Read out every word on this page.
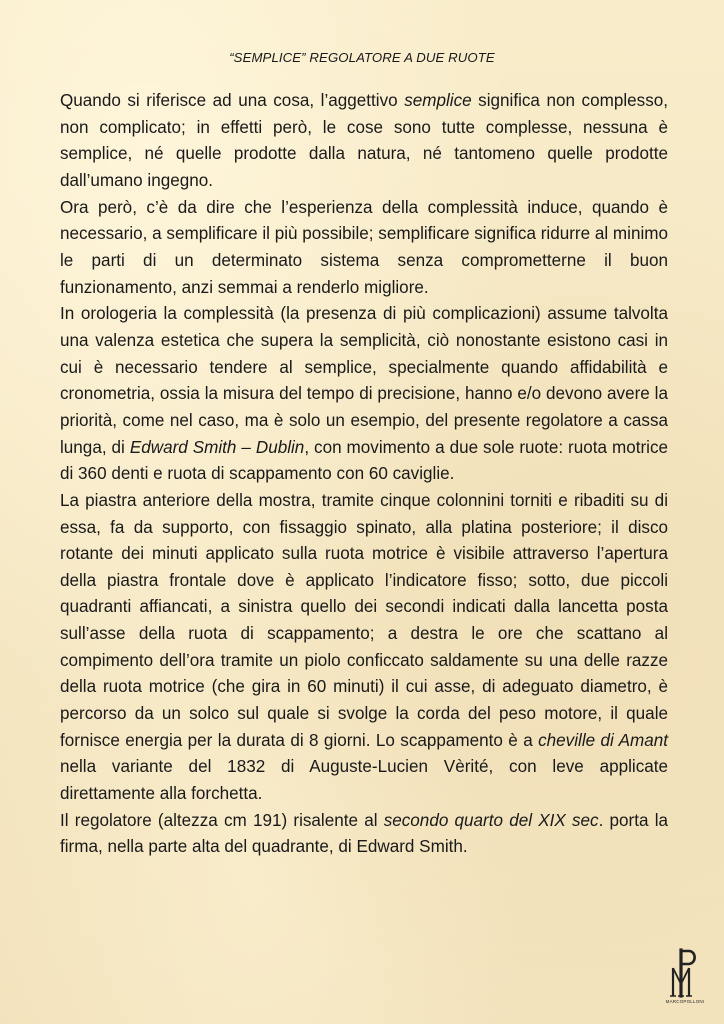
“SEMPLICE” REGOLATORE A DUE RUOTE

Quando si riferisce ad una cosa, l’aggettivo semplice significa non complesso, non complicato; in effetti però, le cose sono tutte complesse, nessuna è semplice, né quelle prodotte dalla natura, né tantomeno quelle prodotte dall’umano ingegno.

Ora però, c’è da dire che l’esperienza della complessità induce, quando è necessario, a semplificare il più possibile; semplificare significa ridurre al minimo le parti di un determinato sistema senza comprometterne il buon funzionamento, anzi semmai a renderlo migliore.

In orologeria la complessità (la presenza di più complicazioni) assume talvolta una valenza estetica che supera la semplicità, ciò nonostante esistono casi in cui è necessario tendere al semplice, specialmente quando affidabilità e cronometria, ossia la misura del tempo di precisione, hanno e/o devono avere la priorità, come nel caso, ma è solo un esempio, del presente regolatore a cassa lunga, di Edward Smith – Dublin, con movimento a due sole ruote: ruota motrice di 360 denti e ruota di scappamento con 60 caviglie.

La piastra anteriore della mostra, tramite cinque colonnini torniti e ribaditi su di essa, fa da supporto, con fissaggio spinato, alla platina posteriore; il disco rotante dei minuti applicato sulla ruota motrice è visibile attraverso l’apertura della piastra frontale dove è applicato l’indicatore fisso; sotto, due piccoli quadranti affiancati, a sinistra quello dei secondi indicati dalla lancetta posta sull’asse della ruota di scappamento; a destra le ore che scattano al compimento dell’ora tramite un piolo conficcato saldamente su una delle razze della ruota motrice (che gira in 60 minuti) il cui asse, di adeguato diametro, è percorso da un solco sul quale si svolge la corda del peso motore, il quale fornisce energia per la durata di 8 giorni. Lo scappamento è a cheville di Amant nella variante del 1832 di Auguste-Lucien Vèrité, con leve applicate direttamente alla forchetta.

Il regolatore (altezza cm 191) risalente al secondo quarto del XIX sec. porta la firma, nella parte alta del quadrante, di Edward Smith.

MARCOPOLLONI
